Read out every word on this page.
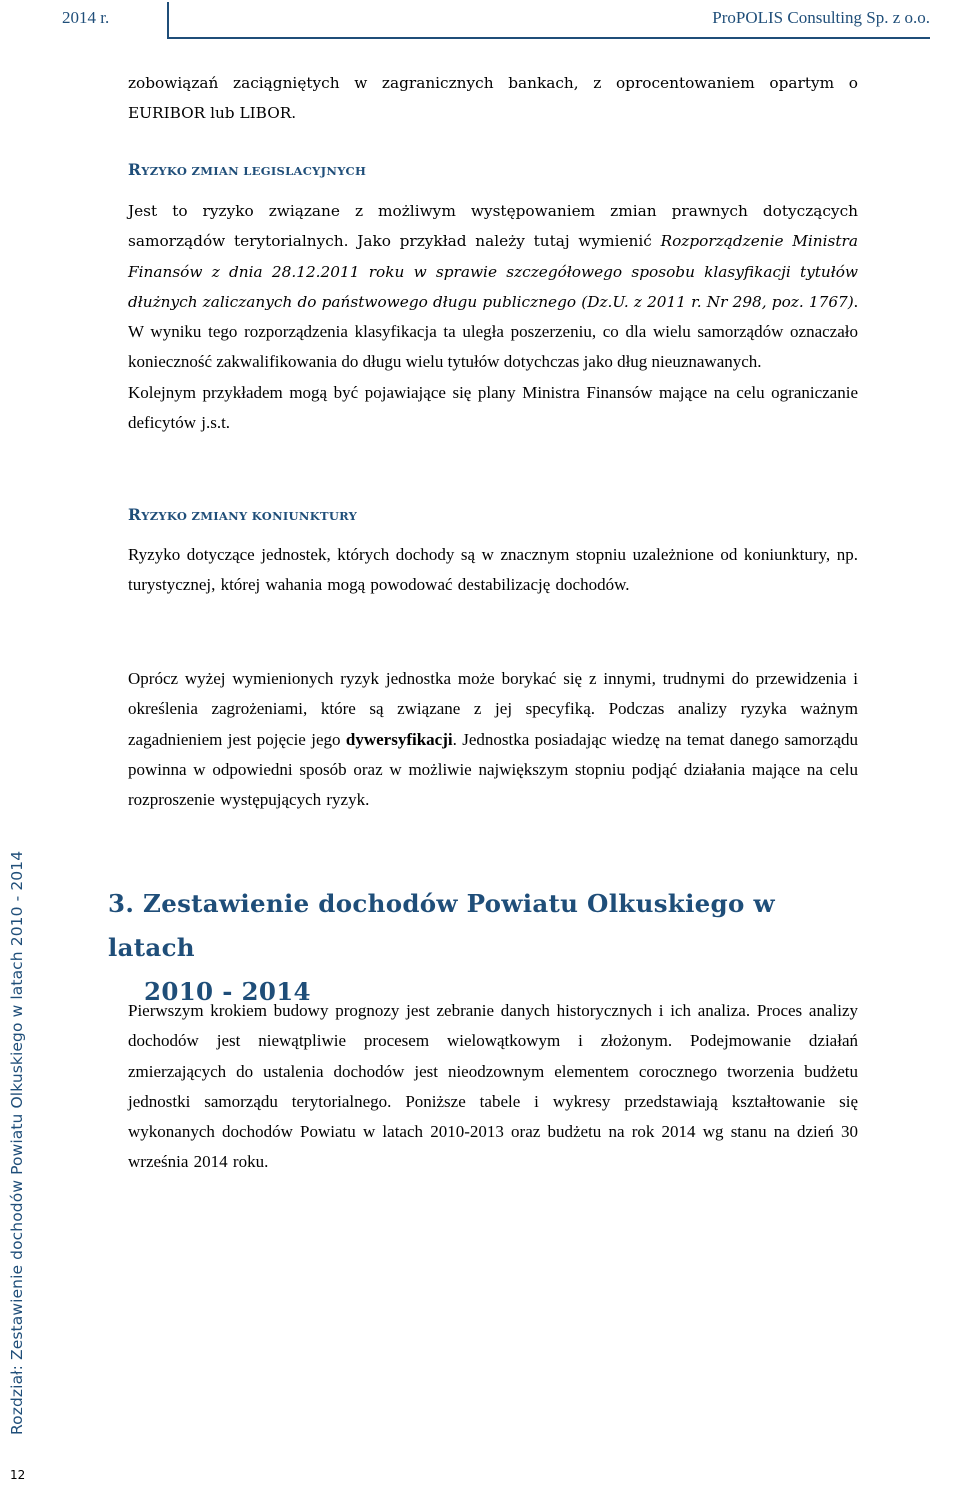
2014 r.	ProPOLIS Consulting Sp. z o.o.

zobowiązań zaciągniętych w zagranicznych bankach, z oprocentowaniem opartym o EURIBOR lub LIBOR.

RYZYKO ZMIAN LEGISLACYJNYCH

Jest to ryzyko związane z możliwym występowaniem zmian prawnych dotyczących samorządów terytorialnych. Jako przykład należy tutaj wymienić Rozporządzenie Ministra Finansów z dnia 28.12.2011 roku w sprawie szczegółowego sposobu klasyfikacji tytułów dłużnych zaliczanych do państwowego długu publicznego (Dz.U. z 2011 r. Nr 298, poz. 1767). W wyniku tego rozporządzenia klasyfikacja ta uległa poszerzeniu, co dla wielu samorządów oznaczało konieczność zakwalifikowania do długu wielu tytułów dotychczas jako dług nieuznawanych.

Kolejnym przykładem mogą być pojawiające się plany Ministra Finansów mające na celu ograniczanie deficytów j.s.t.

RYZYKO ZMIANY KONIUNKTURY

Ryzyko dotyczące jednostek, których dochody są w znacznym stopniu uzależnione od koniunktury, np. turystycznej, której wahania mogą powodować destabilizację dochodów.

Oprócz wyżej wymienionych ryzyk jednostka może borykać się z innymi, trudnymi do przewidzenia i określenia zagrożeniami, które są związane z jej specyfiką. Podczas analizy ryzyka ważnym zagadnieniem jest pojęcie jego dywersyfikacji. Jednostka posiadając wiedzę na temat danego samorządu powinna w odpowiedni sposób oraz w możliwie największym stopniu podjąć działania mające na celu rozproszenie występujących ryzyk.

3. Zestawienie dochodów Powiatu Olkuskiego w latach
2010 - 2014

Pierwszym krokiem budowy prognozy jest zebranie danych historycznych i ich analiza. Proces analizy dochodów jest niewątpliwie procesem wielowątkowym i złożonym. Podejmowanie działań zmierzających do ustalenia dochodów jest nieodzownym elementem corocznego tworzenia budżetu jednostki samorządu terytorialnego. Poniższe tabele i wykresy przedstawiają kształtowanie się wykonanych dochodów Powiatu w latach 2010-2013 oraz budżetu na rok 2014 wg stanu na dzień 30 września 2014 roku.

Rozdział: Zestawienie dochodów Powiatu Olkuskiego w latach 2010 - 2014
12
